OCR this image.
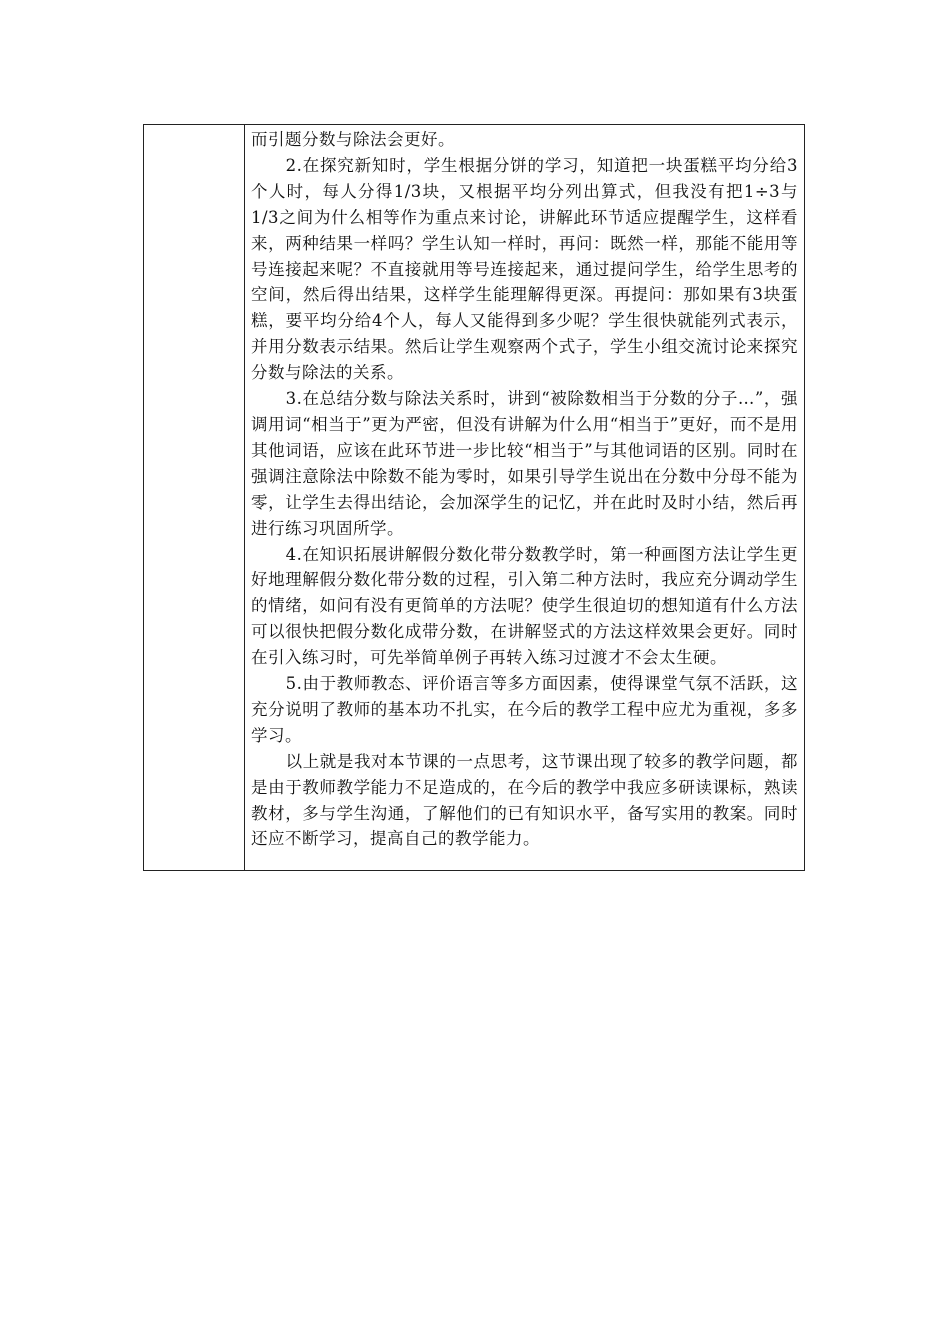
而引题分数与除法会更好。

2.在探究新知时，学生根据分饼的学习，知道把一块蛋糕平均分给3个人时，每人分得1/3块，又根据平均分列出算式，但我没有把1÷3与1/3之间为什么相等作为重点来讨论，讲解此环节适应提醒学生，这样看来，两种结果一样吗？学生认知一样时，再问：既然一样，那能不能用等号连接起来呢？不直接就用等号连接起来，通过提问学生，给学生思考的空间，然后得出结果，这样学生能理解得更深。再提问：那如果有3块蛋糕，要平均分给4个人，每人又能得到多少呢？学生很快就能列式表示，并用分数表示结果。然后让学生观察两个式子，学生小组交流讨论来探究分数与除法的关系。

3.在总结分数与除法关系时，讲到“被除数相当于分数的分子…”，强调用词“相当于”更为严密，但没有讲解为什么用“相当于”更好，而不是用其他词语，应该在此环节进一步比较“相当于”与其他词语的区别。同时在强调注意除法中除数不能为零时，如果引导学生说出在分数中分母不能为零，让学生去得出结论，会加深学生的记忆，并在此时及时小结，然后再进行练习巩固所学。

4.在知识拓展讲解假分数化带分数教学时，第一种画图方法让学生更好地理解假分数化带分数的过程，引入第二种方法时，我应充分调动学生的情绪，如问有没有更简单的方法呢？使学生很迫切的想知道有什么方法可以很快把假分数化成带分数，在讲解竖式的方法这样效果会更好。同时在引入练习时，可先举简单例子再转入练习过渡才不会太生硬。

5.由于教师教态、评价语言等多方面因素，使得课堂气氛不活跃，这充分说明了教师的基本功不扎实，在今后的教学工程中应尤为重视，多多学习。

以上就是我对本节课的一点思考，这节课出现了较多的教学问题，都是由于教师教学能力不足造成的，在今后的教学中我应多研读课标，熟读教材，多与学生沟通，了解他们的已有知识水平，备写实用的教案。同时还应不断学习，提高自己的教学能力。
